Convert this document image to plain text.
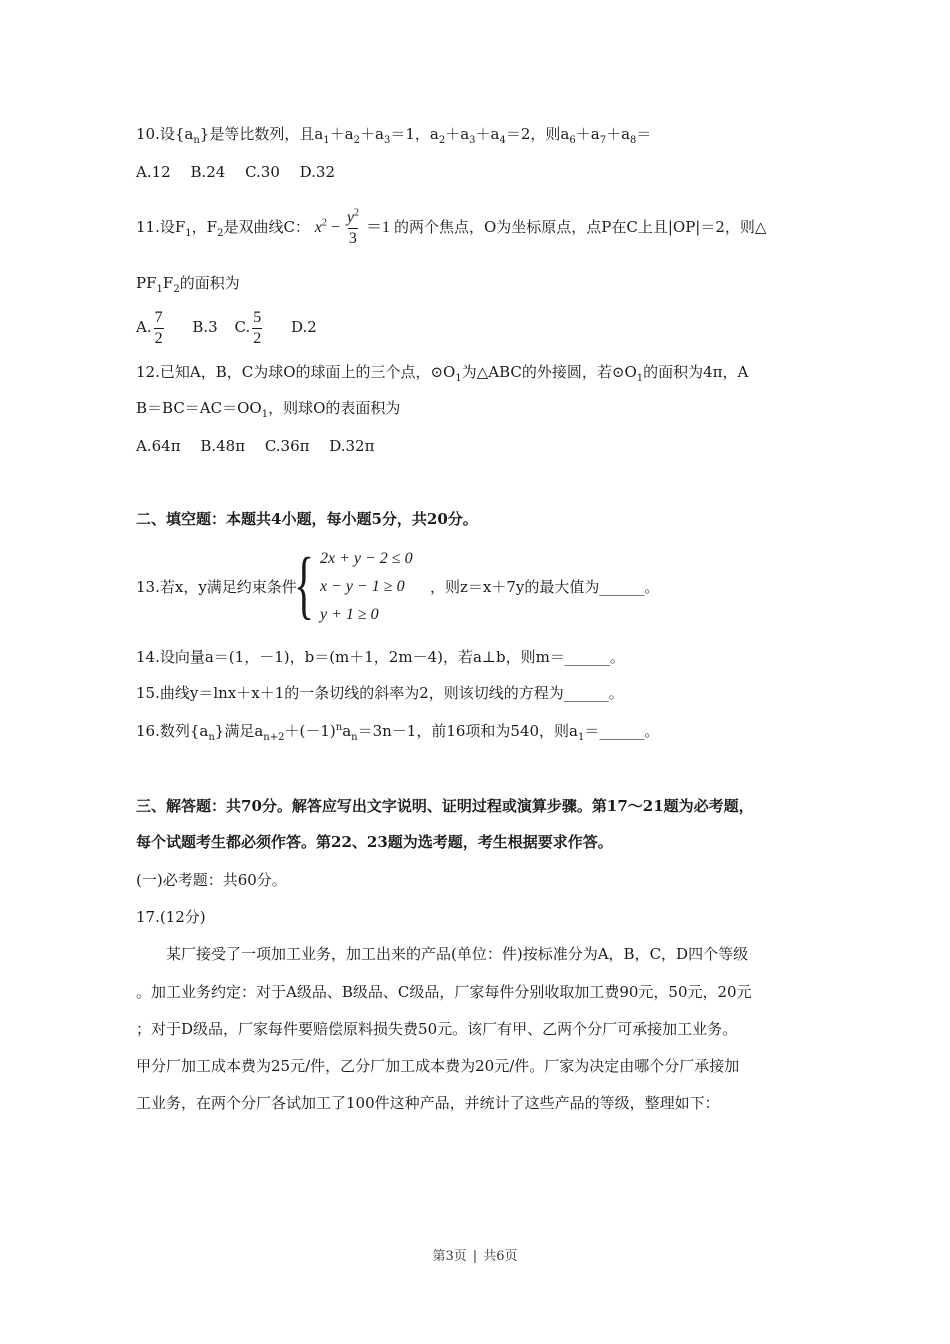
10.设$\{a_n\}$是等比数列，且$a_1+a_2+a_3=1$，$a_2+a_3+a_4=2$，则$a_6+a_7+a_8=$
A.12　 B.24　 C.30　 D.32
11.设$F_1$，$F_2$是双曲线C： $x^2 - \frac{y^2}{3} =1$ 的两个焦点，O为坐标原点，点P在C上且|OP|＝2，则△
$PF_1F_2$的面积为
A. $\frac{7}{2} B.3$ C. $\frac{5}{2} D.2$
12.已知A，B，C为球O的球面上的三个点，$⊙O_1$为△ABC的外接圆，若$⊙O_1$的面积为4π，A
$B=BC=AC=OO_1$，则球O的表面积为
A.64π　 B.48π　 C.36π　 D.32π
二、填空题：本题共4小题，每小题5分，共20分。
13.若x，y满足约束条件
{ 2x + y − 2 ≤ 0
x − y − 1 ≥ 0
y + 1 ≥ 0
，则z＝x＋7y的最大值为______。
14.设向量a＝(1，－1)，b＝(m＋1，2m－4)，若a⊥b，则m＝______。
15.曲线y＝lnx＋x＋1的一条切线的斜率为2，则该切线的方程为______。
16.数列$\{a_n\}$满足$a_{n+2}+(-1)^na_n=3n-1$，前16项和为540，则$a_1=\_\_\_\_\_\_$。
三、解答题：共70分。解答应写出文字说明、证明过程或演算步骤。第17～21题为必考题，
每个试题考生都必须作答。第22、23题为选考题，考生根据要求作答。
(一)必考题：共60分。
17.(12分)
　　某厂接受了一项加工业务，加工出来的产品(单位：件)按标准分为A，B，C，D四个等级
。加工业务约定：对于A级品、B级品、C级品，厂家每件分别收取加工费90元，50元，20元
；对于D级品，厂家每件要赔偿原料损失费50元。该厂有甲、乙两个分厂可承接加工业务。
甲分厂加工成本费为25元/件，乙分厂加工成本费为20元/件。厂家为决定由哪个分厂承接加
工业务，在两个分厂各试加工了100件这种产品，并统计了这些产品的等级，整理如下：
第3页 | 共6页
